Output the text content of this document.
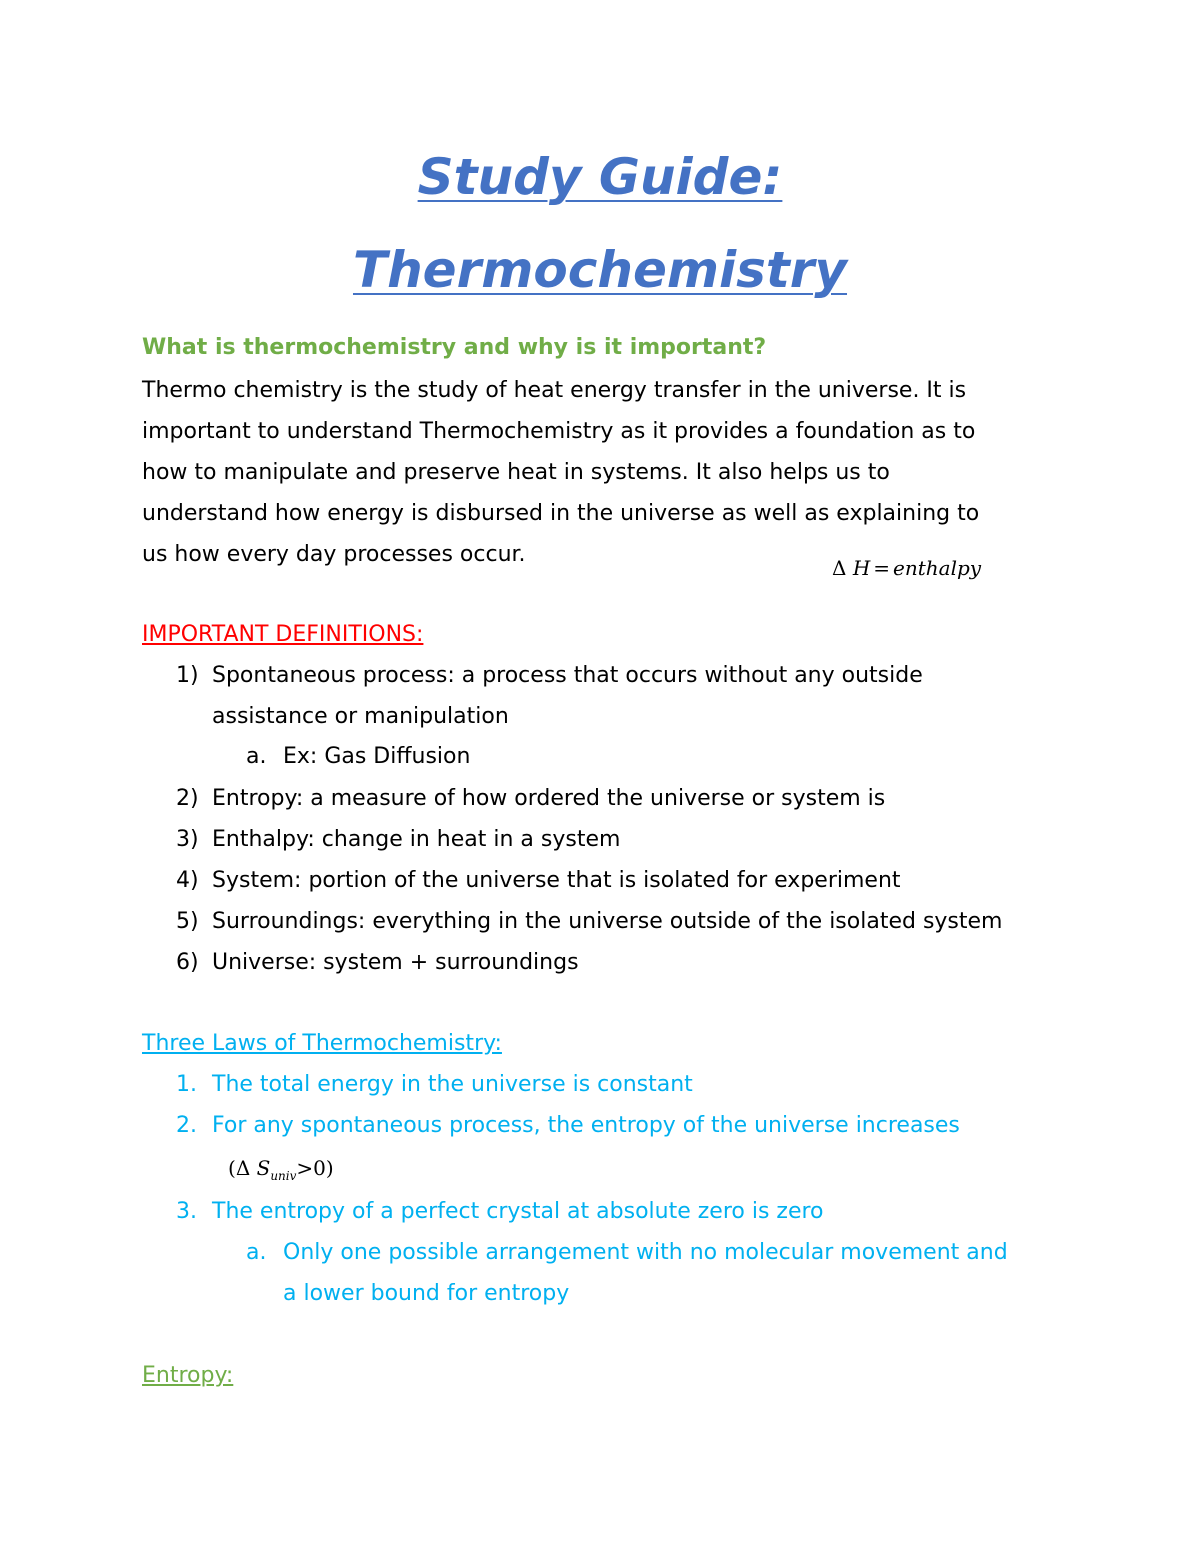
Study Guide:
Thermochemistry
What is thermochemistry and why is it important?
Thermo chemistry is the study of heat energy transfer in the universe. It is
important to understand Thermochemistry as it provides a foundation as to
how to manipulate and preserve heat in systems. It also helps us to
understand how energy is disbursed in the universe as well as explaining to
us how every day processes occur.
Δ H = enthalpy
IMPORTANT DEFINITIONS:
1) Spontaneous process: a process that occurs without any outside
assistance or manipulation
a. Ex: Gas Diffusion
2) Entropy: a measure of how ordered the universe or system is
3) Enthalpy: change in heat in a system
4) System: portion of the universe that is isolated for experiment
5) Surroundings: everything in the universe outside of the isolated system
6) Universe: system + surroundings
Three Laws of Thermochemistry:
1. The total energy in the universe is constant
2. For any spontaneous process, the entropy of the universe increases
(Δ $S_{univ}>0$)
3. The entropy of a perfect crystal at absolute zero is zero
a. Only one possible arrangement with no molecular movement and
a lower bound for entropy
Entropy:
